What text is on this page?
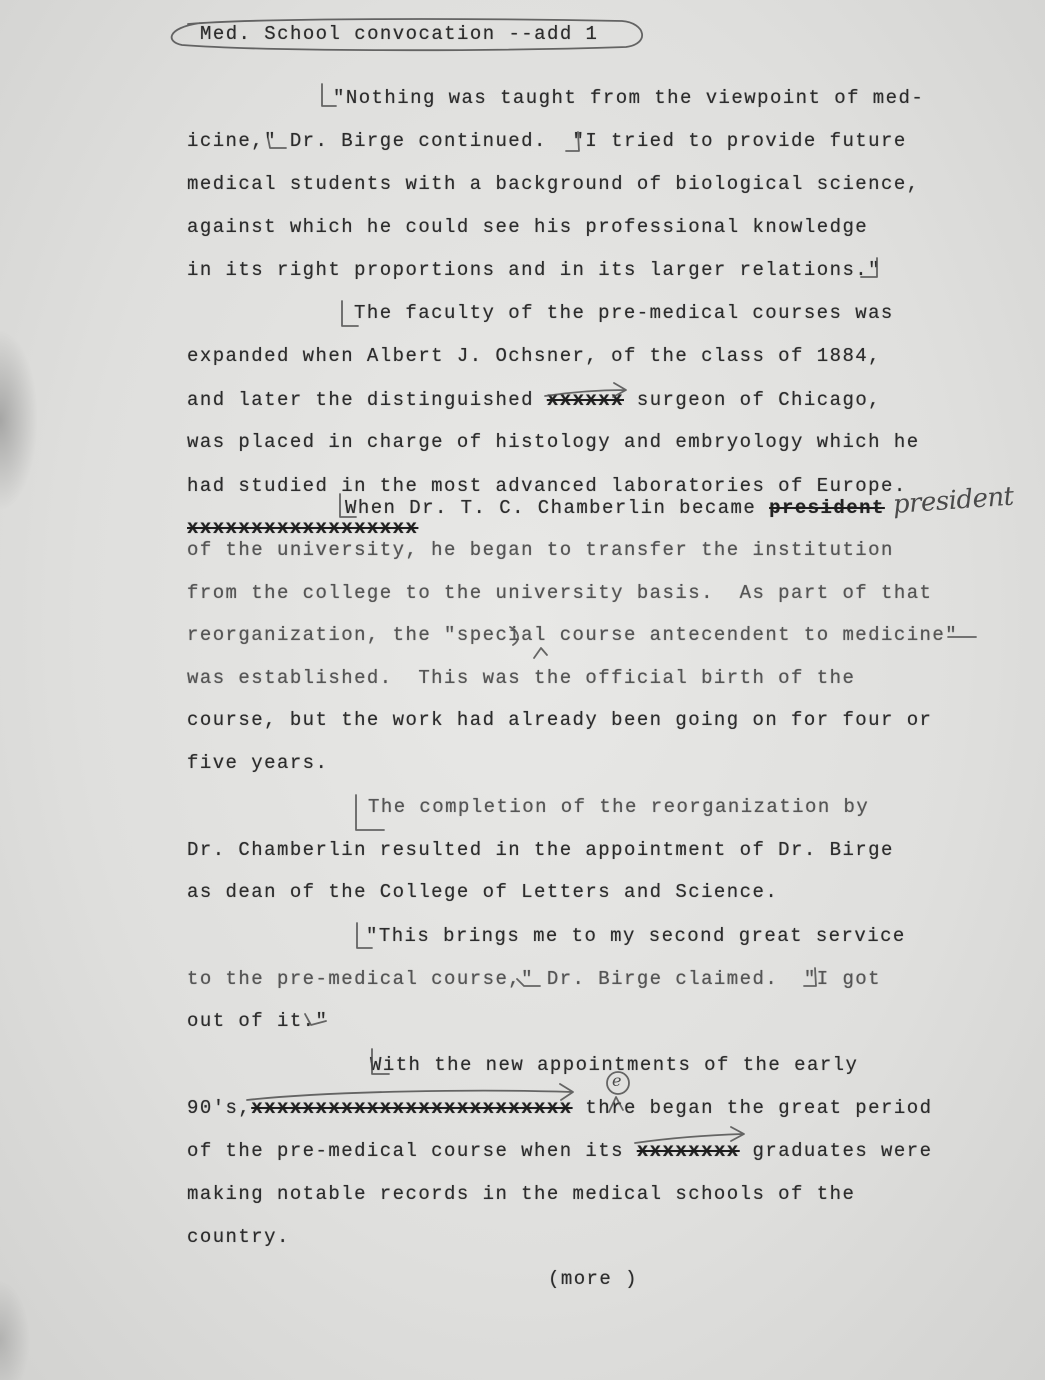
Med. School convocation --add 1
"Nothing was taught from the viewpoint of med-
icine," Dr. Birge continued.  "I tried to provide future
medical students with a background of biological science,
against which he could see his professional knowledge
in its right proportions and in its larger relations."
The faculty of the pre-medical courses was
expanded when Albert J. Ochsner, of the class of 1884,
and later the distinguished xxxxxx surgeon of Chicago,
was placed in charge of histology and embryology which he
had studied in the most advanced laboratories of Europe.
When Dr. T. C. Chamberlin became president
xxxxxxxxxxxxxxxxxx
of the university, he began to transfer the institution
from the college to the university basis.  As part of that
reorganization, the "special course antecendent to medicine"
was established.  This was the official birth of the
course, but the work had already been going on for four or
five years.
The completion of the reorganization by
Dr. Chamberlin resulted in the appointment of Dr. Birge
as dean of the College of Letters and Science.
"This brings me to my second great service
to the pre-medical course," Dr. Birge claimed.  "I got
out of it."
With the new appointments of the early
90's,xxxxxxxxxxxxxxxxxxxxxxxxx thre began the great period
of the pre-medical course when its xxxxxxxx graduates were
making notable records in the medical schools of the
country.
(more )
president
e
